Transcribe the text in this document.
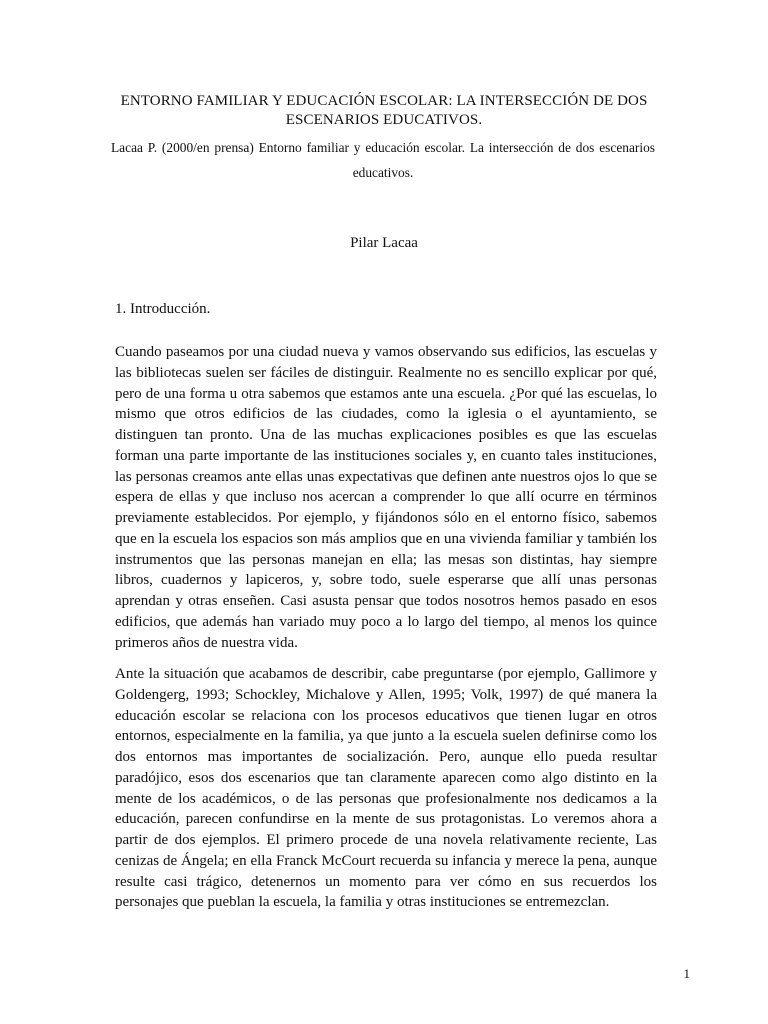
ENTORNO FAMILIAR Y EDUCACIÓN ESCOLAR: LA INTERSECCIÓN DE DOS ESCENARIOS EDUCATIVOS.
Lacaa P. (2000/en prensa) Entorno familiar y educación escolar. La intersección de dos escenarios educativos.
Pilar Lacaa
1. Introducción.

Cuando paseamos por una ciudad nueva y vamos observando sus edificios, las escuelas y las bibliotecas suelen ser fáciles de distinguir. Realmente no es sencillo explicar por qué, pero de una forma u otra sabemos que estamos ante una escuela. ¿Por qué las escuelas, lo mismo que otros edificios de las ciudades, como la iglesia o el ayuntamiento, se distinguen tan pronto. Una de las muchas explicaciones posibles es que las escuelas forman una parte importante de las instituciones sociales y, en cuanto tales instituciones, las personas creamos ante ellas unas expectativas que definen ante nuestros ojos lo que se espera de ellas y que incluso nos acercan a comprender lo que allí ocurre en términos previamente establecidos. Por ejemplo, y fijándonos sólo en el entorno físico, sabemos que en la escuela los espacios son más amplios que en una vivienda familiar y también los instrumentos que las personas manejan en ella; las mesas son distintas, hay siempre libros, cuadernos y lapiceros, y, sobre todo, suele esperarse que allí unas personas aprendan y otras enseñen. Casi asusta pensar que todos nosotros hemos pasado en esos edificios, que además han variado muy poco a lo largo del tiempo, al menos los quince primeros años de nuestra vida.

Ante la situación que acabamos de describir, cabe preguntarse (por ejemplo, Gallimore y Goldengerg, 1993; Schockley, Michalove y Allen, 1995; Volk, 1997) de qué manera la educación escolar se relaciona con los procesos educativos que tienen lugar en otros entornos, especialmente en la familia, ya que junto a la escuela suelen definirse como los dos entornos mas importantes de socialización. Pero, aunque ello pueda resultar paradójico, esos dos escenarios que tan claramente aparecen como algo distinto en la mente de los académicos, o de las personas que profesionalmente nos dedicamos a la educación, parecen confundirse en la mente de sus protagonistas. Lo veremos ahora a partir de dos ejemplos. El primero procede de una novela relativamente reciente, Las cenizas de Ángela; en ella Franck McCourt recuerda su infancia y merece la pena, aunque resulte casi trágico, detenernos un momento para ver cómo en sus recuerdos los personajes que pueblan la escuela, la familia y otras instituciones se entremezclan.

1
